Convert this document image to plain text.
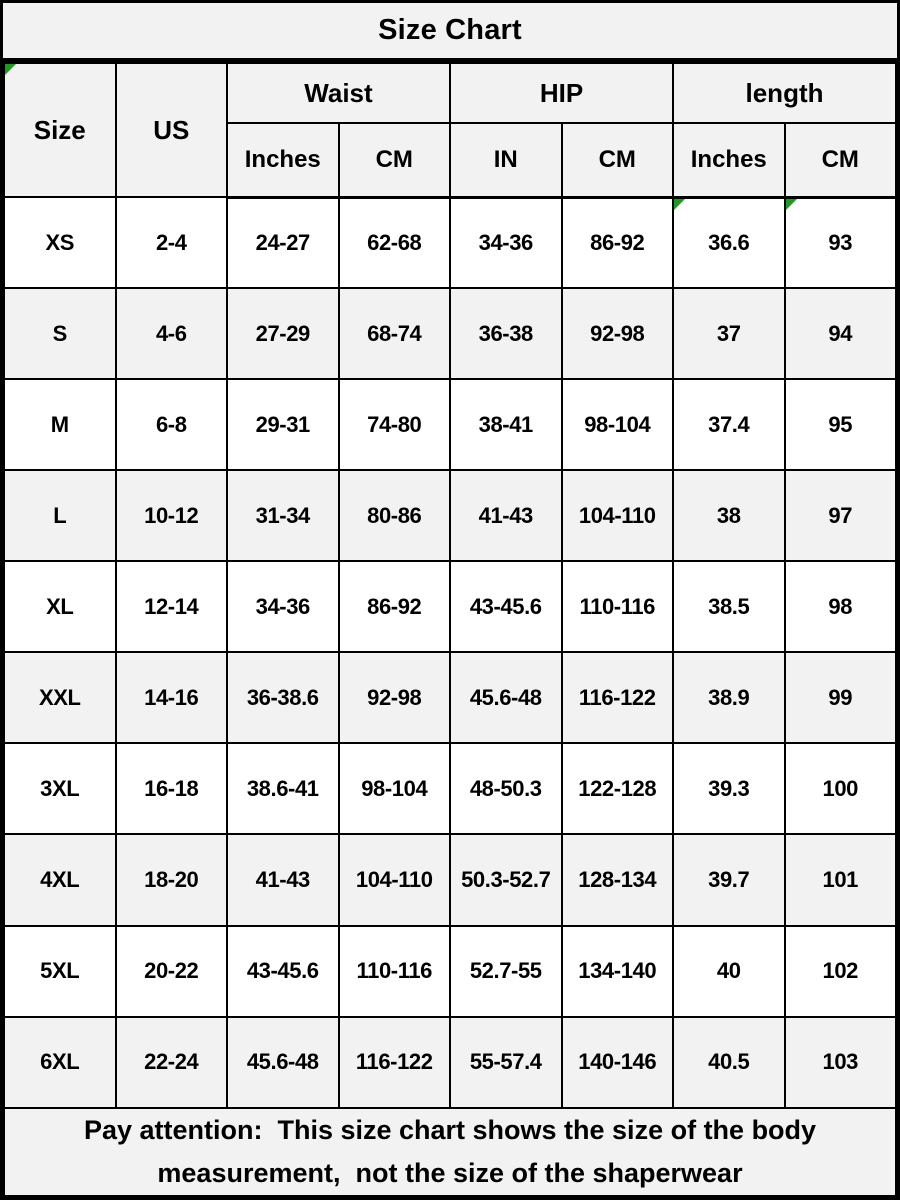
Size Chart
Size	US	Waist		HIP		length	
		Inches	CM	IN	CM	Inches	CM
XS	2-4	24-27	62-68	34-36	86-92	36.6	93

S	4-6	27-29	68-74	36-38	92-98	37	94
M	6-8	29-31	74-80	38-41	98-104	37.4	95
L	10-12	31-34	80-86	41-43	104-110	38	97
XL	12-14	34-36	86-92	43-45.6	110-116	38.5	98
XXL	14-16	36-38.6	92-98	45.6-48	116-122	38.9	99
3XL	16-18	38.6-41	98-104	48-50.3	122-128	39.3	100
4XL	18-20	41-43	104-110	50.3-52.7	128-134	39.7	101
5XL	20-22	43-45.6	110-116	52.7-55	134-140	40	102
6XL	22-24	45.6-48	116-122	55-57.4	140-146	40.5	103

Pay attention:  This size chart shows the size of the body
measurement,  not the size of the shaperwear							
